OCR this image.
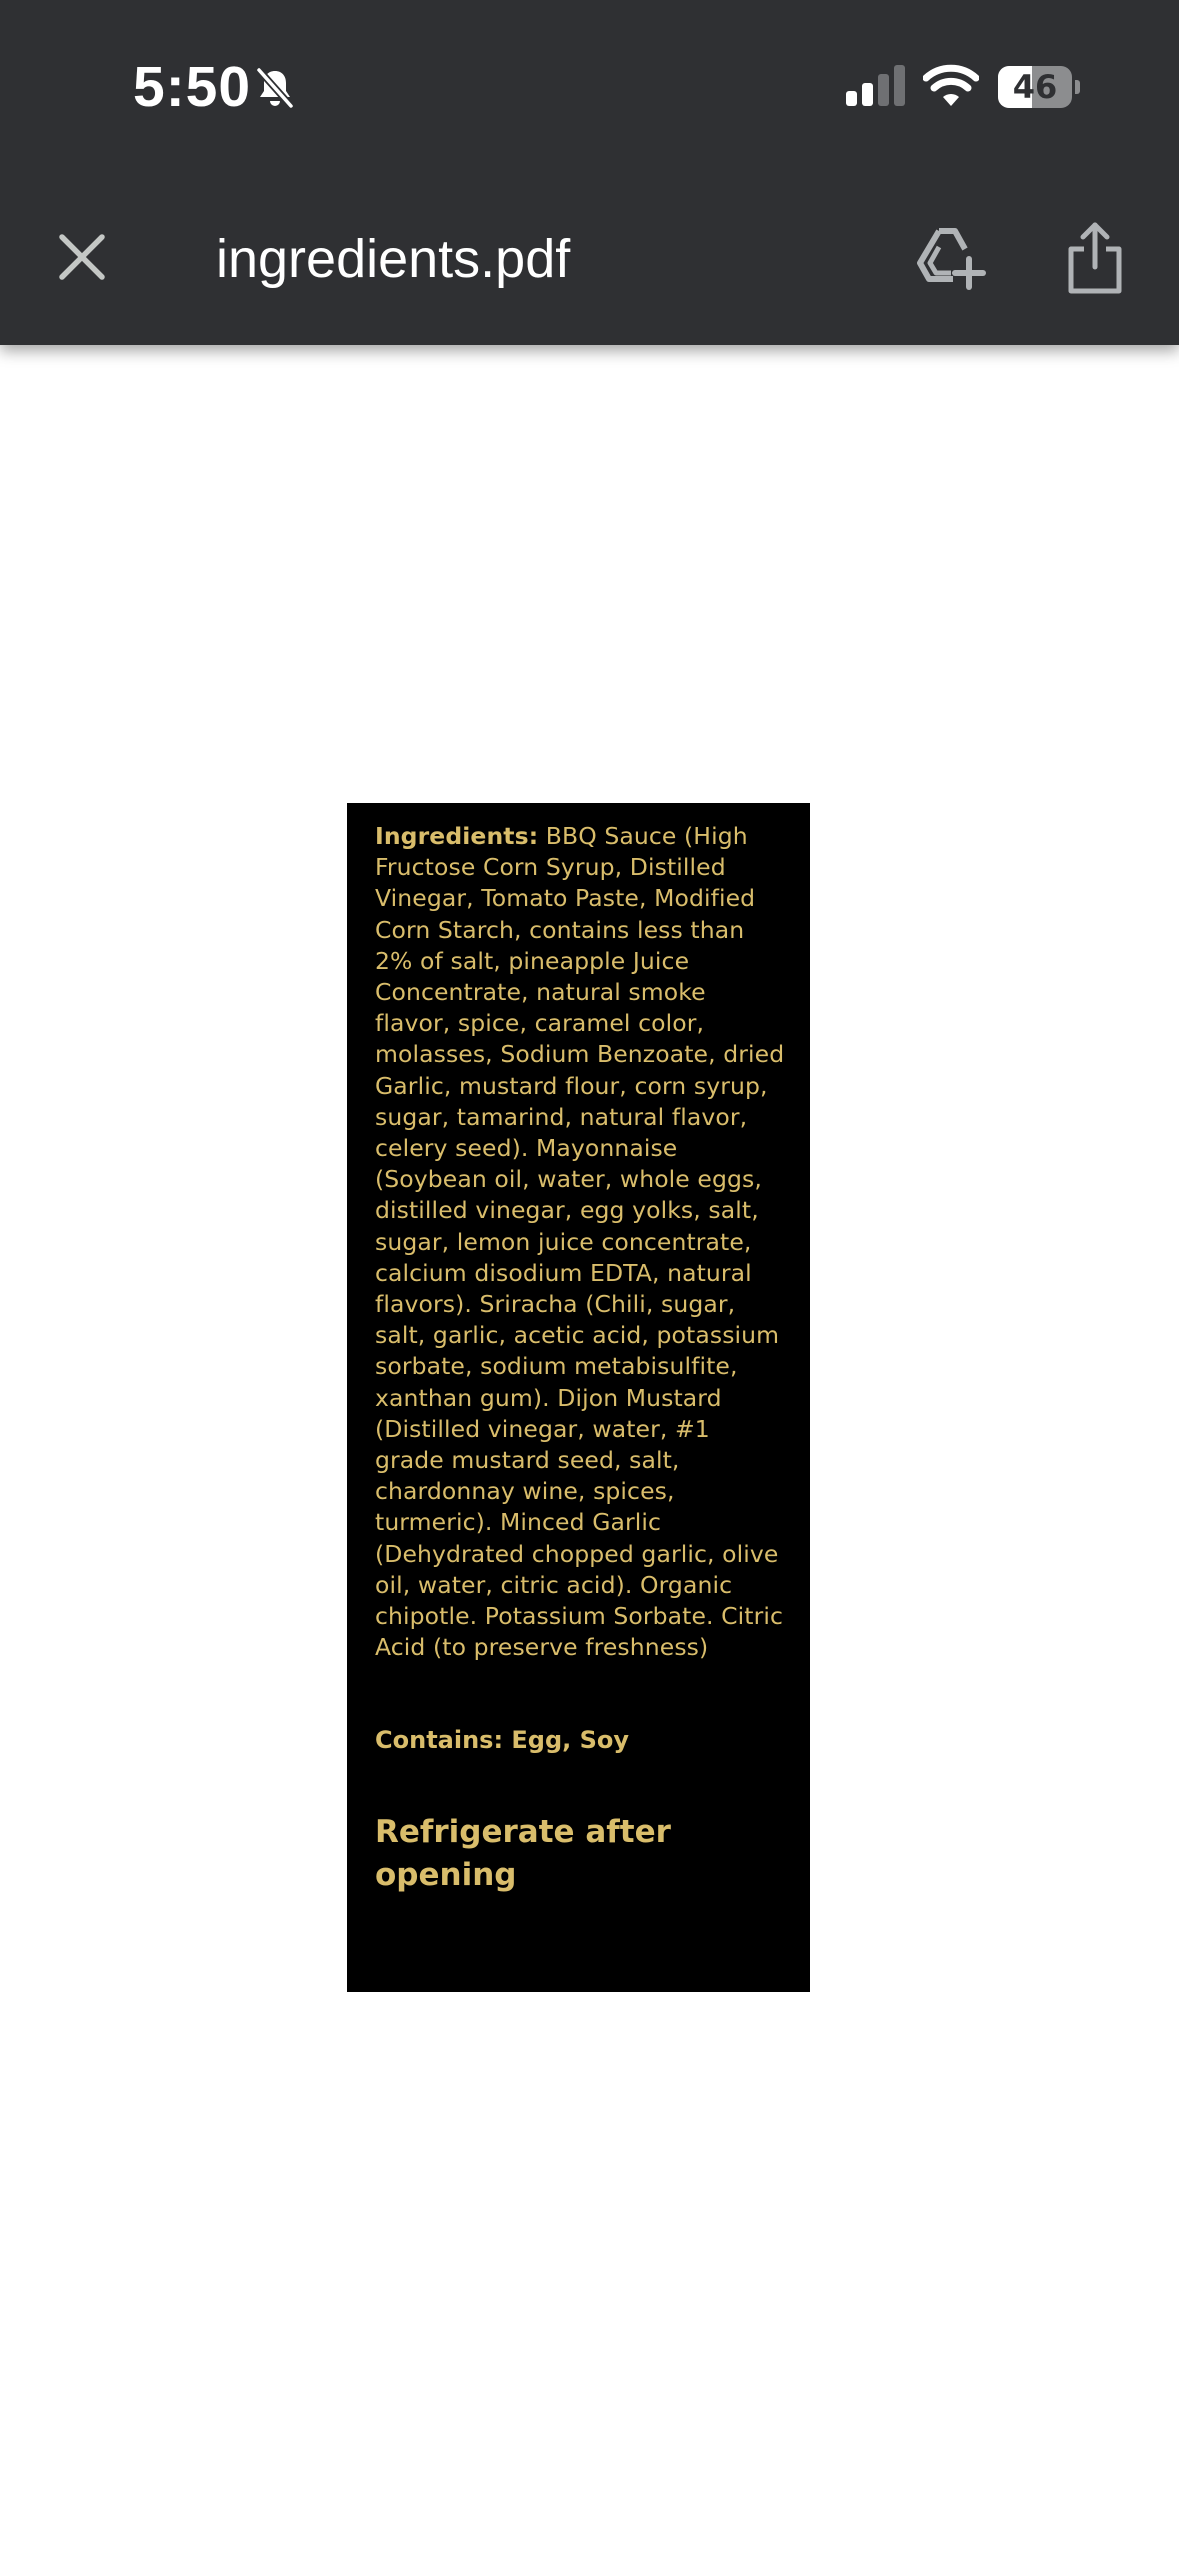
5:50	46
ingredients.pdf

Ingredients: BBQ Sauce (High Fructose Corn Syrup, Distilled Vinegar, Tomato Paste, Modified Corn Starch, contains less than 2% of salt, pineapple Juice Concentrate, natural smoke flavor, spice, caramel color, molasses, Sodium Benzoate, dried Garlic, mustard flour, corn syrup, sugar, tamarind, natural flavor, celery seed). Mayonnaise (Soybean oil, water, whole eggs, distilled vinegar, egg yolks, salt, sugar, lemon juice concentrate, calcium disodium EDTA, natural flavors). Sriracha (Chili, sugar, salt, garlic, acetic acid, potassium sorbate, sodium metabisulfite, xanthan gum). Dijon Mustard (Distilled vinegar, water, #1 grade mustard seed, salt, chardonnay wine, spices, turmeric). Minced Garlic (Dehydrated chopped garlic, olive oil, water, citric acid). Organic chipotle. Potassium Sorbate. Citric Acid (to preserve freshness)

Contains: Egg, Soy

Refrigerate after opening
